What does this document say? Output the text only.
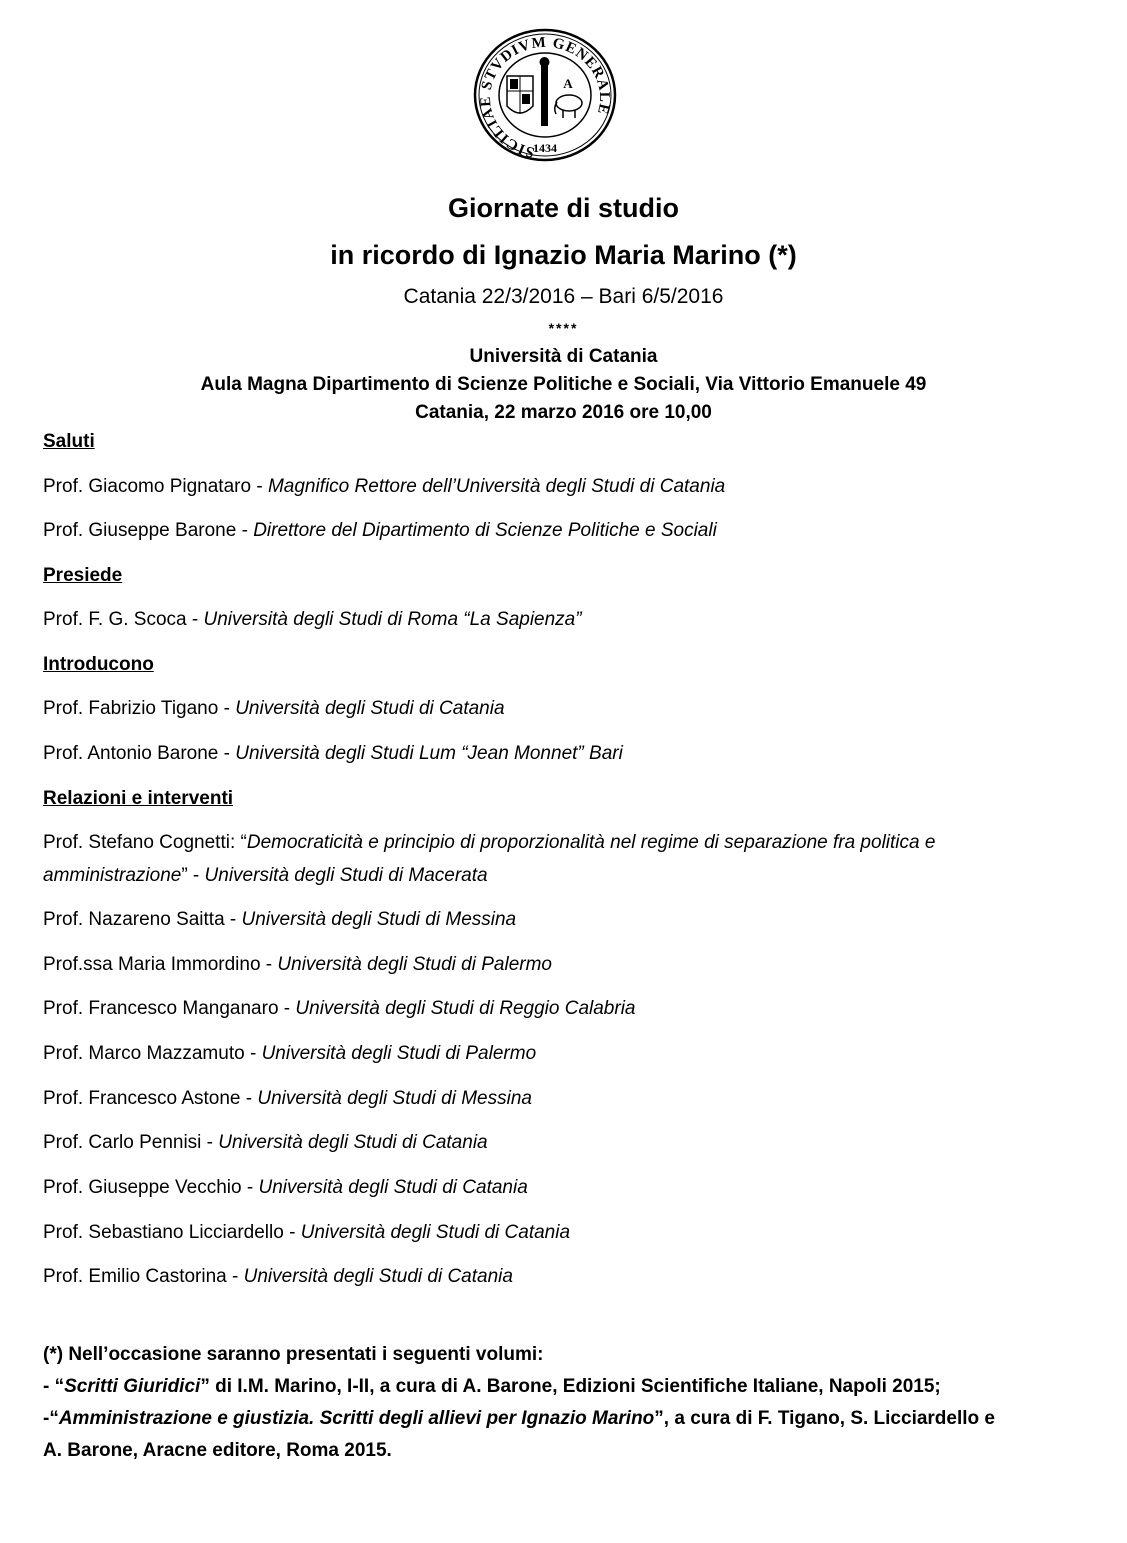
SICILIAE STVDIVM GENERALE
1434
A
Giornate di studio
in ricordo di Ignazio Maria Marino (*)
Catania 22/3/2016 – Bari 6/5/2016
****
Università di Catania
Aula Magna Dipartimento di Scienze Politiche e Sociali, Via Vittorio Emanuele 49
Catania, 22 marzo 2016 ore 10,00
Saluti
Prof. Giacomo Pignataro - Magnifico Rettore dell’Università degli Studi di Catania
Prof. Giuseppe Barone - Direttore del Dipartimento di Scienze Politiche e Sociali
Presiede
Prof. F. G. Scoca - Università degli Studi di Roma “La Sapienza”
Introducono
Prof. Fabrizio Tigano - Università degli Studi di Catania
Prof. Antonio Barone - Università degli Studi Lum “Jean Monnet” Bari
Relazioni e interventi
Prof. Stefano Cognetti: “Democraticità e principio di proporzionalità nel regime di separazione fra politica e
amministrazione” - Università degli Studi di Macerata
Prof. Nazareno Saitta - Università degli Studi di Messina
Prof.ssa Maria Immordino - Università degli Studi di Palermo
Prof. Francesco Manganaro - Università degli Studi di Reggio Calabria
Prof. Marco Mazzamuto - Università degli Studi di Palermo
Prof. Francesco Astone - Università degli Studi di Messina
Prof. Carlo Pennisi - Università degli Studi di Catania
Prof. Giuseppe Vecchio - Università degli Studi di Catania
Prof. Sebastiano Licciardello - Università degli Studi di Catania
Prof. Emilio Castorina - Università degli Studi di Catania
(*) Nell’occasione saranno presentati i seguenti volumi:
- “Scritti Giuridici” di I.M. Marino, I-II, a cura di A. Barone, Edizioni Scientifiche Italiane, Napoli 2015;
-“Amministrazione e giustizia. Scritti degli allievi per Ignazio Marino”, a cura di F. Tigano, S. Licciardello e
A. Barone, Aracne editore, Roma 2015.
